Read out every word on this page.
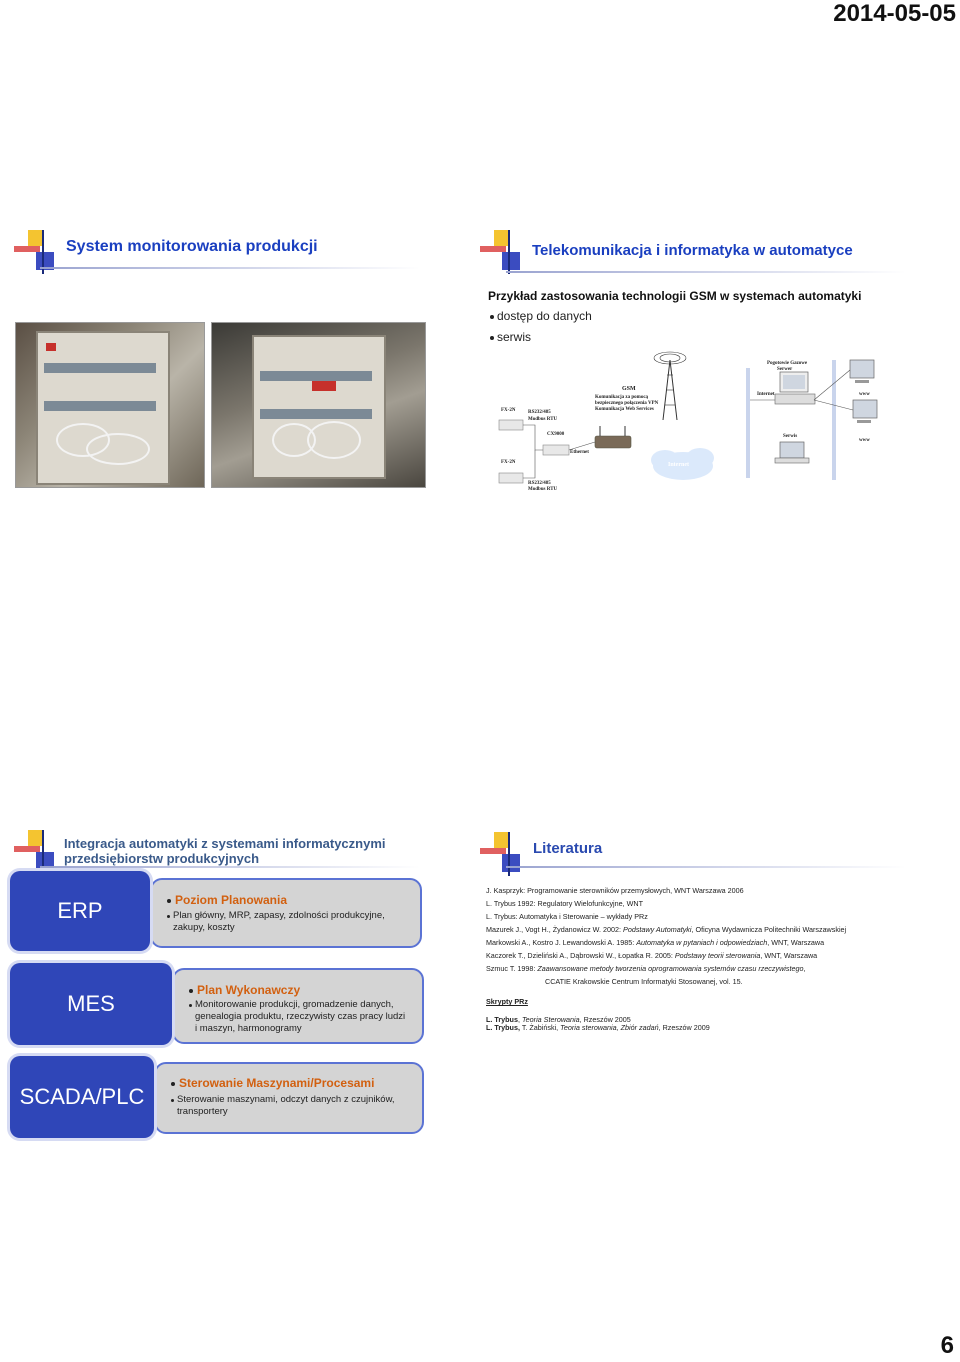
2014-05-05
6
System monitorowania produkcji	Telekomunikacja i informatyka w automatyce
Przykład zastosowania technologii GSM w systemach automatyki
dostęp do danych
serwis
FX-2N	RS232/485
Modbus RTU
CX9000
Ethernet
GSM
Komunikacja za pomocą
bezpiecznego połączenia VPN
Komunikacja Web Services
Pogotowie Gazowe
Serwer
Internet	www
Serwis
www
Internet
FX-2N
RS232/485
Modbus RTU
Integracja automatyki z systemami informatycznymi
przedsiębiorstw produkcyjnych
Poziom Planowania
Plan główny, MRP, zapasy, zdolności produkcyjne,
zakupy, koszty
ERP
Plan Wykonawczy
Monitorowanie produkcji, gromadzenie danych,
genealogia produktu, rzeczywisty czas pracy ludzi
i maszyn, harmonogramy
MES
Sterowanie Maszynami/Procesami
Sterowanie maszynami, odczyt danych z czujników,
transportery
SCADA/PLC
Literatura
J. Kasprzyk: Programowanie sterowników przemysłowych, WNT Warszawa 2006
L. Trybus 1992: Regulatory Wielofunkcyjne, WNT
L. Trybus: Automatyka i Sterowanie – wykłady PRz
Mazurek J., Vogt H., Żydanowicz W. 2002: Podstawy Automatyki, Oficyna Wydawnicza Politechniki Warszawskiej
Markowski A., Kostro J. Lewandowski A. 1985: Automatyka w pytaniach i odpowiedziach, WNT, Warszawa
Kaczorek T., Dzieliński A., Dąbrowski W., Łopatka R. 2005: Podstawy teorii sterowania, WNT, Warszawa
Szmuc T. 1998: Zaawansowane metody tworzenia oprogramowania systemów czasu rzeczywistego,
CCATIE Krakowskie Centrum Informatyki Stosowanej, vol. 15.
Skrypty PRz
L. Trybus, Teoria Sterowania, Rzeszów 2005
L. Trybus, T. Żabiński, Teoria sterowania, Zbiór zadań, Rzeszów 2009
